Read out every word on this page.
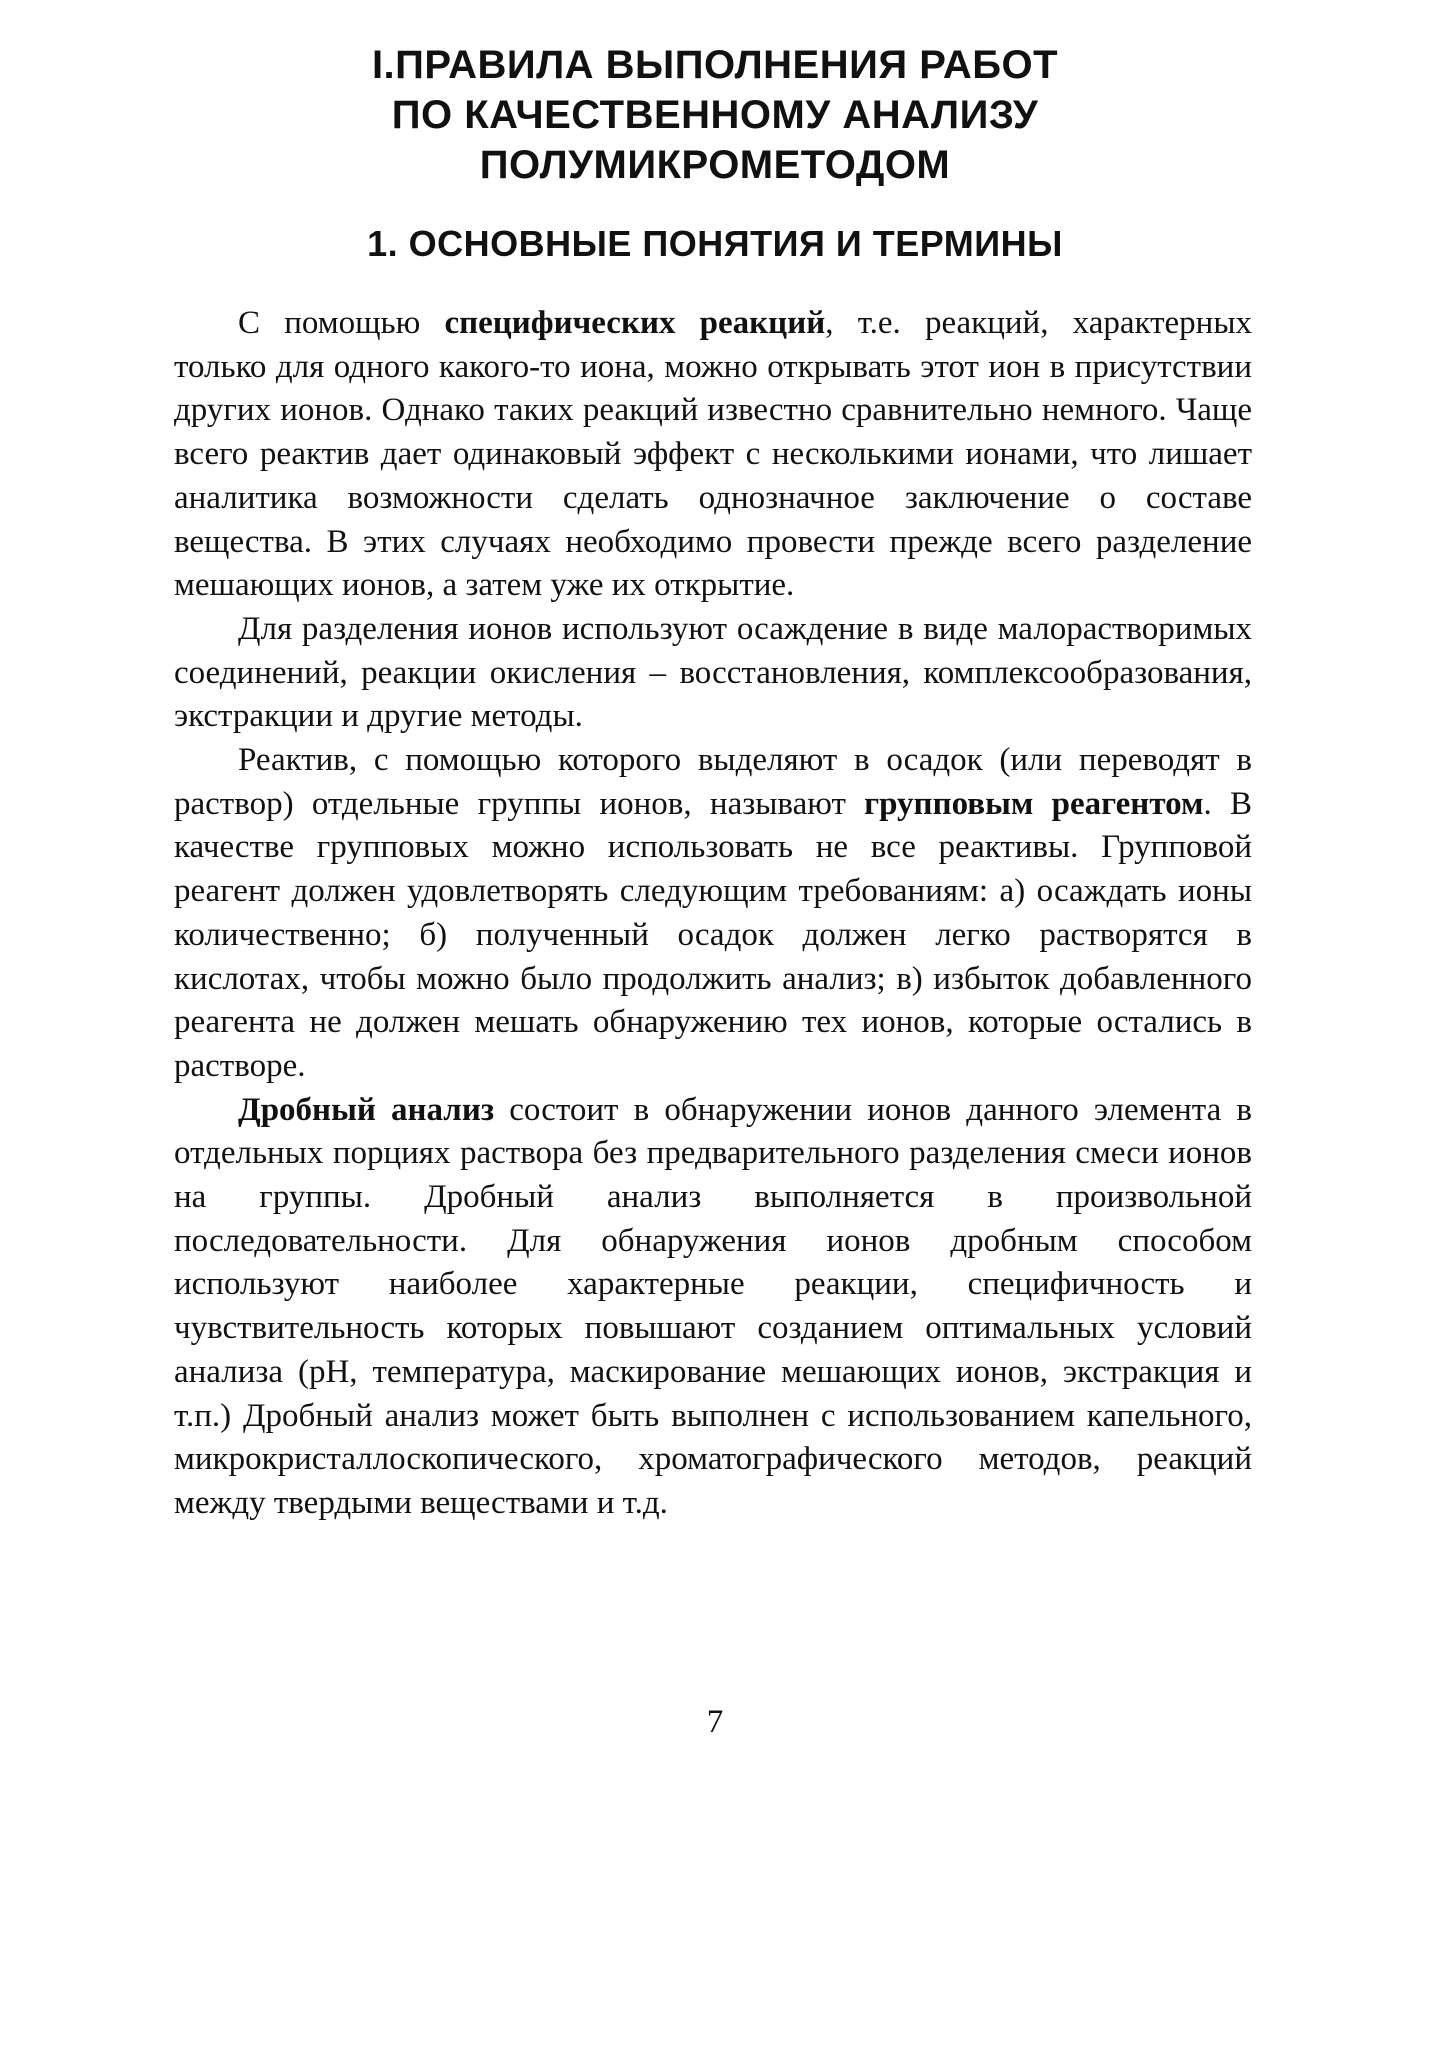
I.ПРАВИЛА ВЫПОЛНЕНИЯ РАБОТ
ПО КАЧЕСТВЕННОМУ АНАЛИЗУ
ПОЛУМИКРОМЕТОДОМ
1. ОСНОВНЫЕ ПОНЯТИЯ И ТЕРМИНЫ

С помощью специфических реакций, т.е. реакций, характерных только для одного какого-то иона, можно открывать этот ион в присутствии других ионов. Однако таких реакций известно сравнительно немного. Чаще всего реактив дает одинаковый эффект с несколькими ионами, что лишает аналитика возможности сделать однозначное заключение о составе вещества. В этих случаях необходимо провести прежде всего разделение мешающих ионов, а затем уже их открытие.

Для разделения ионов используют осаждение в виде малорастворимых соединений, реакции окисления – восстановления, комплексообразования, экстракции и другие методы.

Реактив, с помощью которого выделяют в осадок (или переводят в раствор) отдельные группы ионов, называют групповым реагентом. В качестве групповых можно использовать не все реактивы. Групповой реагент должен удовлетворять следующим требованиям: а) осаждать ионы количественно; б) полученный осадок должен легко растворятся в кислотах, чтобы можно было продолжить анализ; в) избыток добавленного реагента не должен мешать обнаружению тех ионов, которые остались в растворе.

Дробный анализ состоит в обнаружении ионов данного элемента в отдельных порциях раствора без предварительного разделения смеси ионов на группы. Дробный анализ выполняется в произвольной последовательности. Для обнаружения ионов дробным способом используют наиболее характерные реакции, специфичность и чувствительность которых повышают созданием оптимальных условий анализа (pH, температура, маскирование мешающих ионов, экстракция и т.п.) Дробный анализ может быть выполнен с использованием капельного, микрокристаллоскопического, хроматографического методов, реакций между твердыми веществами и т.д.

7
